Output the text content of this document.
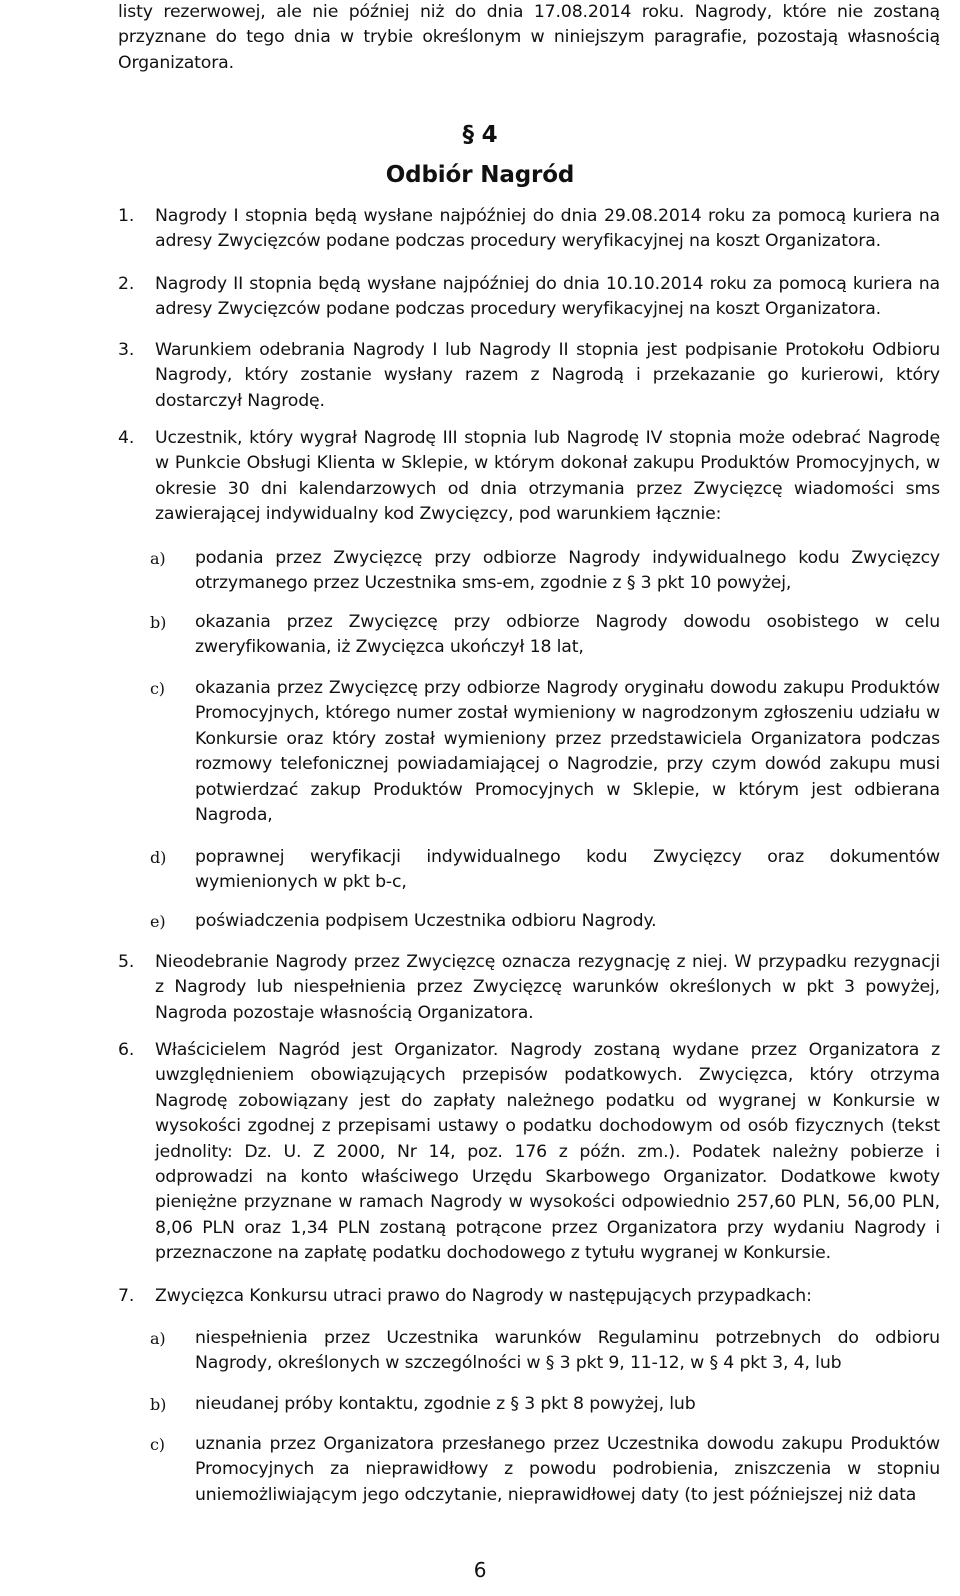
listy rezerwowej, ale nie później niż do dnia 17.08.2014 roku. Nagrody, które nie zostaną przyznane do tego dnia w trybie określonym w niniejszym paragrafie, pozostają własnością Organizatora.
§ 4
Odbiór Nagród
1. Nagrody I stopnia będą wysłane najpóźniej do dnia 29.08.2014 roku za pomocą kuriera na adresy Zwycięzców podane podczas procedury weryfikacyjnej na koszt Organizatora.
2. Nagrody II stopnia będą wysłane najpóźniej do dnia 10.10.2014 roku za pomocą kuriera na adresy Zwycięzców podane podczas procedury weryfikacyjnej na koszt Organizatora.
3. Warunkiem odebrania Nagrody I lub Nagrody II stopnia jest podpisanie Protokołu Odbioru Nagrody, który zostanie wysłany razem z Nagrodą i przekazanie go kurierowi, który dostarczył Nagrodę.
4. Uczestnik, który wygrał Nagrodę III stopnia lub Nagrodę IV stopnia może odebrać Nagrodę w Punkcie Obsługi Klienta w Sklepie, w którym dokonał zakupu Produktów Promocyjnych, w okresie 30 dni kalendarzowych od dnia otrzymania przez Zwycięzcę wiadomości sms zawierającej indywidualny kod Zwycięzcy, pod warunkiem łącznie:
a) podania przez Zwycięzcę przy odbiorze Nagrody indywidualnego kodu Zwycięzcy otrzymanego przez Uczestnika sms-em, zgodnie z § 3 pkt 10 powyżej,
b) okazania przez Zwycięzcę przy odbiorze Nagrody dowodu osobistego w celu zweryfikowania, iż Zwycięzca ukończył 18 lat,
c) okazania przez Zwycięzcę przy odbiorze Nagrody oryginału dowodu zakupu Produktów Promocyjnych, którego numer został wymieniony w nagrodzonym zgłoszeniu udziału w Konkursie oraz który został wymieniony przez przedstawiciela Organizatora podczas rozmowy telefonicznej powiadamiającej o Nagrodzie, przy czym dowód zakupu musi potwierdzać zakup Produktów Promocyjnych w Sklepie, w którym jest odbierana Nagroda,
d) poprawnej weryfikacji indywidualnego kodu Zwycięzcy oraz dokumentów wymienionych w pkt b-c,
e) poświadczenia podpisem Uczestnika odbioru Nagrody.
5. Nieodebranie Nagrody przez Zwycięzcę oznacza rezygnację z niej. W przypadku rezygnacji z Nagrody lub niespełnienia przez Zwycięzcę warunków określonych w pkt 3 powyżej, Nagroda pozostaje własnością Organizatora.
6. Właścicielem Nagród jest Organizator. Nagrody zostaną wydane przez Organizatora z uwzględnieniem obowiązujących przepisów podatkowych. Zwycięzca, który otrzyma Nagrodę zobowiązany jest do zapłaty należnego podatku od wygranej w Konkursie w wysokości zgodnej z przepisami ustawy o podatku dochodowym od osób fizycznych (tekst jednolity: Dz. U. Z 2000, Nr 14, poz. 176 z późn. zm.). Podatek należny pobierze i odprowadzi na konto właściwego Urzędu Skarbowego Organizator. Dodatkowe kwoty pieniężne przyznane w ramach Nagrody w wysokości odpowiednio 257,60 PLN, 56,00 PLN, 8,06 PLN oraz 1,34 PLN zostaną potrącone przez Organizatora przy wydaniu Nagrody i przeznaczone na zapłatę podatku dochodowego z tytułu wygranej w Konkursie.
7. Zwycięzca Konkursu utraci prawo do Nagrody w następujących przypadkach:
a) niespełnienia przez Uczestnika warunków Regulaminu potrzebnych do odbioru Nagrody, określonych w szczególności w § 3 pkt 9, 11-12, w § 4 pkt 3, 4, lub
b) nieudanej próby kontaktu, zgodnie z § 3 pkt 8 powyżej, lub
c) uznania przez Organizatora przesłanego przez Uczestnika dowodu zakupu Produktów Promocyjnych za nieprawidłowy z powodu podrobienia, zniszczenia w stopniu uniemożliwiającym jego odczytanie, nieprawidłowej daty (to jest późniejszej niż data
6
